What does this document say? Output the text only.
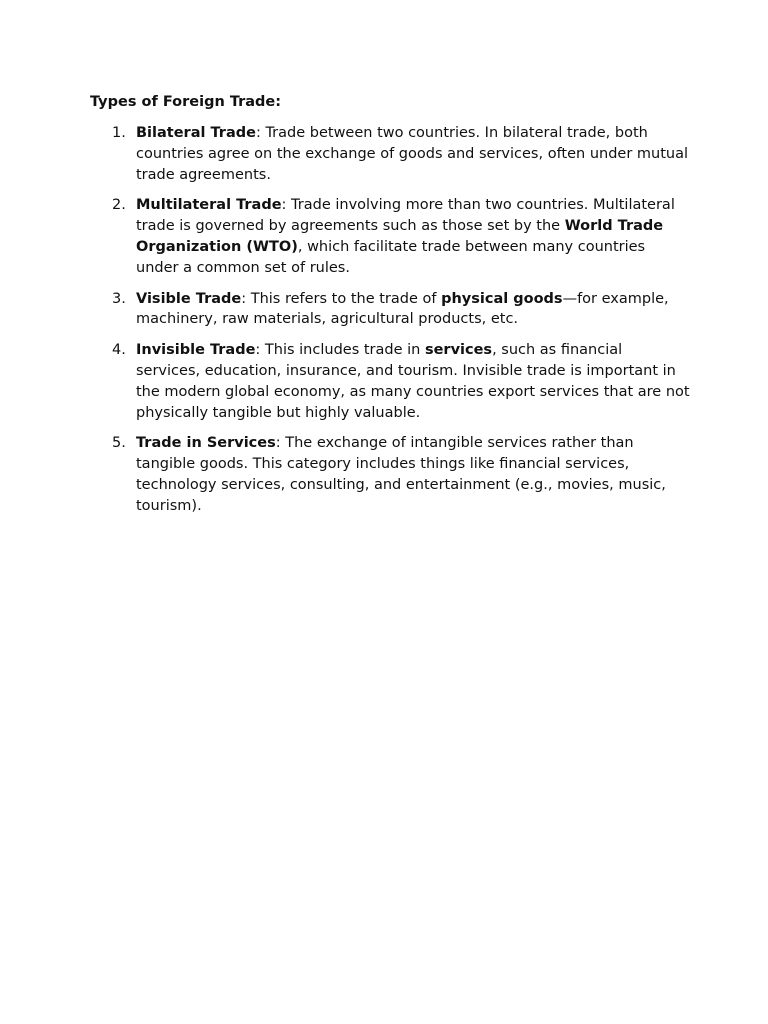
Types of Foreign Trade:

1. Bilateral Trade: Trade between two countries. In bilateral trade, both countries agree on the exchange of goods and services, often under mutual trade agreements.
2. Multilateral Trade: Trade involving more than two countries. Multilateral trade is governed by agreements such as those set by the World Trade Organization (WTO), which facilitate trade between many countries under a common set of rules.
3. Visible Trade: This refers to the trade of physical goods—for example, machinery, raw materials, agricultural products, etc.
4. Invisible Trade: This includes trade in services, such as financial services, education, insurance, and tourism. Invisible trade is important in the modern global economy, as many countries export services that are not physically tangible but highly valuable.
5. Trade in Services: The exchange of intangible services rather than tangible goods. This category includes things like financial services, technology services, consulting, and entertainment (e.g., movies, music, tourism).
